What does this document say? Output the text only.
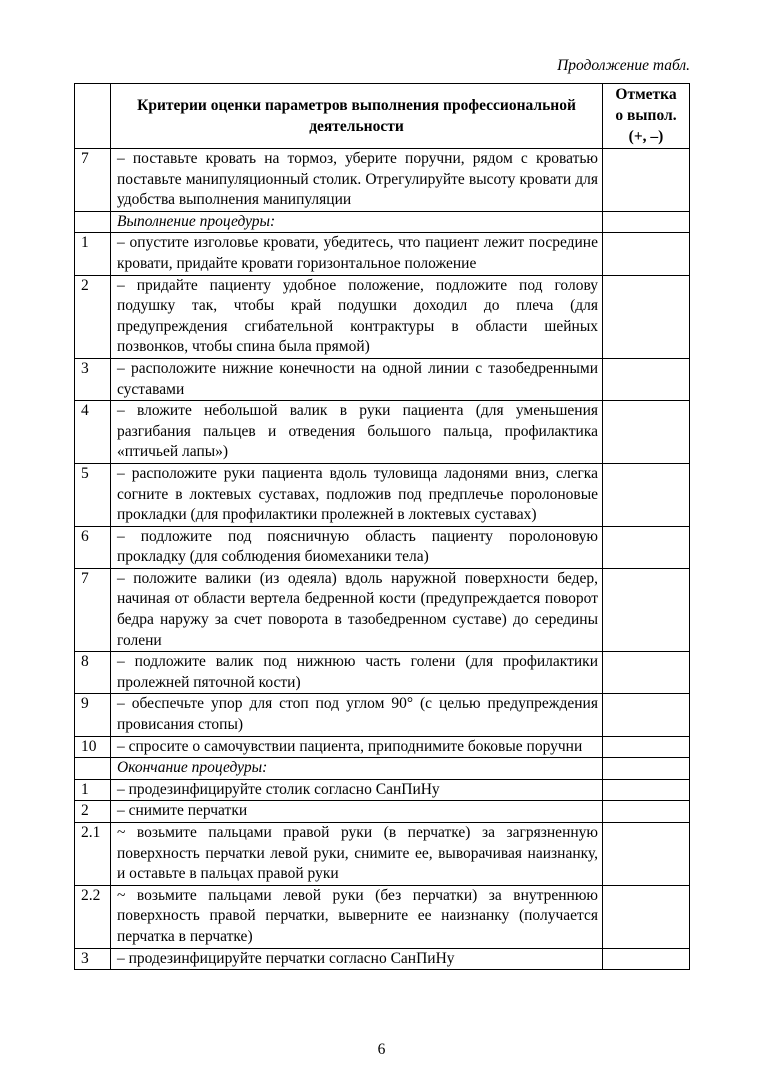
Продолжение табл.
	Критерии оценки параметров выполнения профессиональной деятельности	Отметка
о выпол.
(+, –)

7	– поставьте кровать на тормоз, уберите поручни, рядом с кроватью поставьте манипуляционный столик. Отрегулируйте высоту кровати для удобства выполнения манипуляции	
	Выполнение процедуры:	
1	– опустите изголовье кровати, убедитесь, что пациент лежит посредине кровати, придайте кровати горизонтальное положение	
2	– придайте пациенту удобное положение, подложите под голову подушку так, чтобы край подушки доходил до плеча (для предупреждения сгибательной контрактуры в области шейных позвонков, чтобы спина была прямой)	
3	– расположите нижние конечности на одной линии с тазобедренными суставами	
4	– вложите небольшой валик в руки пациента (для уменьшения разгибания пальцев и отведения большого пальца, профилактика «птичьей лапы»)	
5	– расположите руки пациента вдоль туловища ладонями вниз, слегка согните в локтевых суставах, подложив под предплечье поролоновые прокладки (для профилактики пролежней в локтевых суставах)	
6	– подложите под поясничную область пациенту поролоновую прокладку (для соблюдения биомеханики тела)	
7	– положите валики (из одеяла) вдоль наружной поверхности бедер, начиная от области вертела бедренной кости (предупреждается поворот бедра наружу за счет поворота в тазобедренном суставе) до середины голени	
8	– подложите валик под нижнюю часть голени (для профилактики пролежней пяточной кости)	
9	– обеспечьте упор для стоп под углом 90° (с целью предупреждения провисания стопы)	
10	– спросите о самочувствии пациента, приподнимите боковые поручни	
	Окончание процедуры:	
1	– продезинфицируйте столик согласно СанПиНу	
2	– снимите перчатки	
2.1	~ возьмите пальцами правой руки (в перчатке) за загрязненную поверхность перчатки левой руки, снимите ее, выворачивая наизнанку, и оставьте в пальцах правой руки	
2.2	~ возьмите пальцами левой руки (без перчатки) за внутреннюю поверхность правой перчатки, выверните ее наизнанку (получается перчатка в перчатке)	
3	– продезинфицируйте перчатки согласно СанПиНу	
6
